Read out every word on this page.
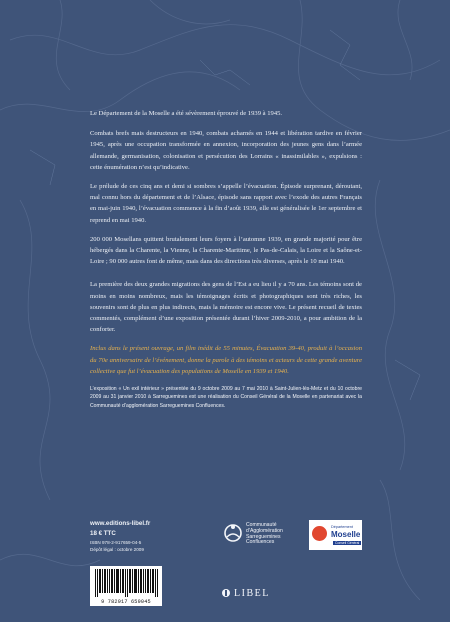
Le Département de la Moselle a été sévèrement éprouvé de 1939 à 1945.

Combats brefs mais destructeurs en 1940, combats acharnés en 1944 et libération tardive en février 1945, après une occupation transformée en annexion, incorporation des jeunes gens dans l’armée allemande, germanisation, colonisation et persécution des Lorrains « inassimilables », expulsions : cette énumération n’est qu’indicative.

Le prélude de ces cinq ans et demi si sombres s’appelle l’évacuation. Épisode surprenant, déroutant, mal connu hors du département et de l’Alsace, épisode sans rapport avec l’exode des autres Français en mai-juin 1940, l’évacuation commence à la fin d’août 1939, elle est généralisée le 1er septembre et reprend en mai 1940.

200 000 Mosellans quittent brutalement leurs foyers à l’automne 1939, en grande majorité pour être hébergés dans la Charente, la Vienne, la Charente-Maritime, le Pas-de-Calais, la Loire et la Saône-et-Loire ; 90 000 autres font de même, mais dans des directions très diverses, après le 10 mai 1940.

La première des deux grandes migrations des gens de l’Est a eu lieu il y a 70 ans. Les témoins sont de moins en moins nombreux, mais les témoignages écrits et photographiques sont très riches, les souvenirs sont de plus en plus indirects, mais la mémoire est encore vive. Le présent recueil de textes commentés, complément d’une exposition présentée durant l’hiver 2009-2010, a pour ambition de la conforter.

Inclus dans le présent ouvrage, un film inédit de 55 minutes, Évacuation 39-40, produit à l’occasion du 70e anniversaire de l’événement, donne la parole à des témoins et acteurs de cette grande aventure collective que fut l’évacuation des populations de Moselle en 1939 et 1940.

L’exposition « Un exil intérieur » présentée du 9 octobre 2009 au 7 mai 2010 à Saint-Julien-lès-Metz et du 10 octobre 2009 au 31 janvier 2010 à Sarreguemines est une réalisation du Conseil Général de la Moselle en partenariat avec la Communauté d’agglomération Sarreguemines Confluences.

www.editions-libel.fr
18 € TTC
ISBN 978-2-917659-04-5
Dépôt légal : octobre 2009
9 782917 659045
Communauté
d’Agglomération
Sarreguemines
Confluences
Département
Moselle
Conseil Général
LIBEL
